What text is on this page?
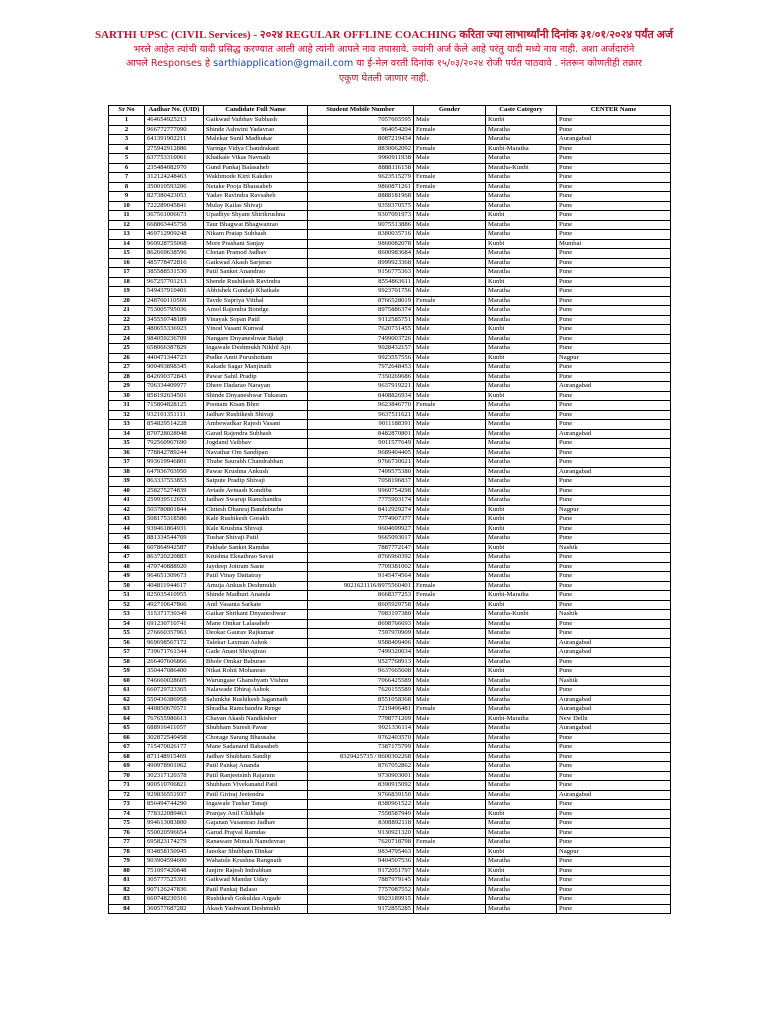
SARTHI UPSC (CIVIL Services) - २०२४ REGULAR OFFLINE COACHING करिता ज्या लाभार्थ्यांनी दिनांक ३१/०१/२०२४ पर्यंत अर्ज
भरले आहेत त्यांची यादी प्रसिद्ध करण्यात आली आहे त्यांनी आपले नाव तपासावे. ज्यांनी अर्ज केले आहे परंतु यादी मध्ये नाव नाही. अशा अर्जदारांने
आपले Responses हे sarthiapplication@gmail.com या ई-मेल वरती दिनांक १५/०३/२०२४ रोजी पर्यंत पाठवावे . नंतरून कोणतीही तक्रार
एकूण घेतली जाणार नाही.
Sr No	Aadhar No. (UID)	Candidate Full Name	Student Mobile Number	Gender	Caste Category	CENTER Name
1	464654925213	Gaikwad Vaibhav Subhash	7057665595	Male	Kunbi	Pune
2	966772777090	Shinde Ashwini Yadavrao	964054204	Female	Maratha	Pune
3	641391902211	Malekar Sunil Madhukar	8087219434	Male	Maratha	Aurangabad
4	275942912886	Varinge Vidya Chandrakant	8830062092	Female	Kunbi-Maratha	Pune
5	637753310061	Khatkale Vikas Navnath	9960911938	Male	Maratha	Pune
6	235484082970	Gund Pankaj Balasaheb	8888116158	Male	Maratha-Kunbi	Pune
7	312124248463	Wakhmode Kirti Kakdeo	9623515279	Female	Maratha	Pune
8	350010593206	Netake Pooja Bhausaheb	9860871261	Female	Maratha	Pune
9	827380423053	Yadav Ravindra Ravsaheb	8888181968	Male	Maratha	Pune
10	722289045841	Mulay Kailas Shivaji	9359370575	Male	Maratha	Pune
11	367561006673	Upadhye Shyam Shirikrushna	9307091973	Male	Kunbi	Pune
12	668863445758	Taur Bhagwat Bhagwanrao	9075513886	Male	Maratha	Pune
13	469712909248	Nikam Pratap Subhash	8380035716	Male	Maratha	Pune
14	969928755068	More Prashant Sanjay	9860082078	Male	Kunbi	Mumbai
15	862669638596	Chetan Pramod Jadhav	8600983684	Male	Maratha	Pune
16	485778472816	Gaikwad Akash Sarjerao	8999923368	Male	Maratha	Pune
17	385588531530	Patil Sanket Anandrao	9156775363	Male	Maratha	Pune
18	967257701213	Shende Rushikesh Ravindra	8554863611	Male	Kunbi	Pune
19	549437910401	Abhishek Gundaji Khatkale	9923701756	Male	Maratha	Pune
20	248760110569	Tavde Supriya Vitthal	8766528019	Female	Maratha	Pune
21	753005795036	Amol Rajendra Bondge	8975886374	Male	Maratha	Pune
22	345559748189	Vinayak Sopan Patil	9112585751	Male	Maratha	Pune
23	480655336923	Vinod Vasant Kunwal	7620731455	Male	Kunbi	Pune
24	984059236709	Nangare Dnyaneshwar Balaji	7499003726	Male	Maratha	Pune
25	658066387829	Ingawale Deshmukh Nikhil Ajit	9028432157	Male	Maratha	Pune
26	440471344723	Pudke Amit Purushottam	9923557556	Male	Kunbi	Nagpur
27	900493898345	Kakade Sagar Manjinath	7972648453	Male	Maratha	Pune
28	842690372843	Pawar Sahil Pradip	7350269686	Male	Maratha	Pune
29	706334409977	Dhere Dadarao Narayan	9637919221	Male	Maratha	Aurangabad
30	858192634501	Shinde Dnyaneshwar Tukaram	8408826934	Male	Kunbi	Pune
31	715804828125	Poonam Kisan Bhor	9623846770	Female	Maratha	Pune
32	932101351111	Jadhav Rushikesh Shivaji	9637511621	Male	Maratha	Pune
33	854829514228	Ambewadkar Rajesh Vasant	9011188391	Male	Maratha	Pune
34	870728028948	Garad Rajendra Subhash	8482870801	Male	Maratha	Aurangabad
35	792560967690	Jogdand Vaibhav	9011577649	Male	Maratha	Pune
36	778842789244	Navathar Om Sandipan	9689404405	Male	Maratha	Pune
37	993619946801	Thube Saurabh Chandrabhan	9766730621	Male	Maratha	Pune
38	647936703950	Pawar Krushna Ankush	7499575380	Male	Maratha	Aurangabad
39	863337553853	Satpute Pradip Shivaji	7058196837	Male	Maratha	Pune
40	258275274839	Avtade Avinash Kondiba	9960754298	Male	Maratha	Pune
41	259939512653	Jadhav Swarup Ramchandra	7775993174	Male	Maratha	Pune
42	503780801844	Chitesh Dhanraj Bandebuche	8412929274	Male	Kunbi	Nagpur
43	508175318586	Kale Rushikesh Gorakh	7774907377	Male	Kunbi	Pune
44	939461864931	Kale Krushna Shivaji	9604699927	Male	Kunbi	Pune
45	881334544769	Tushar Shivaji Patil	9665093017	Male	Maratha	Pune
46	607864942587	Pakhale Sanket Ramdas	7887772147	Male	Kunbi	Nashik
47	863720220883	Krushna Eknathrao Savat	8766960392	Male	Maratha	Pune
48	479740888920	Jaydeep Jotiram Saste	7709381002	Male	Maratha	Pune
49	964651309673	Patil Vinay Dattatray	9145474564	Male	Maratha	Pune
50	404811944617	Amuja Ankush Deshmukh	9021621116/8975560401	Female	Maratha	Pune
51	825035410955	Shinde Madhuri Ananda	8668377253	Female	Kunbi-Maratha	Pune
52	492710647866	Anil Vasanta Sarkate	8605929758	Male	Kunbi	Pune
53	315371730349	Gaikar Shrikant Dnyaneshwar	7083197380	Male	Maratha-Kunbi	Nashik
54	691230710741	Mane Omkar Lalasaheb	8698766693	Male	Maratha	Pune
55	276660357963	Deokar Gaurav Rajkumar	7597970909	Male	Maratha	Pune
56	969698567172	Talekar Laxman Ashok	9588409406	Male	Maratha	Aurangabad
57	739671761344	Gade Anant Shivajirao	7499320034	Male	Maratha	Aurangabad
58	266407606866	Bhole Omkar Baburao	9527768913	Male	Maratha	Pune
59	350447086400	Nikat Rohit Mohanrao	9637665608	Male	Kunbi	Pune
60	746660028605	Warungase Ghanshyam Vishnu	7066425589	Male	Maratha	Nashik
61	660729723365	Nalawade Dhiraj Ashok	7620155589	Male	Maratha	Pune
62	550436386958	Salunkhe Rushikesh Jagannath	8551058368	Male	Maratha	Aurangabad
63	440850670571	Shradha Ramchandra Renge	7219496481	Female	Maratha	Aurangabad
64	767655986613	Chavan Akash Nandkishor	7798771209	Male	Kunbi-Maratha	New Delhi
65	688916411057	Shubham Suresh Pavar	9921336114	Male	Maratha	Aurangabad
66	302872540458	Chorage Sarang Bhausaha	9762403570	Male	Maratha	Pune
67	715470026177	Mane Sadanand Babasaheb	7387175799	Male	Maratha	Pune
68	871148915469	Jadhav Shubham Sandip	8329425735 / 8600302268	Male	Maratha	Pune
69	490978901062	Patil Pankaj Ananda	8767052862	Male	Maratha	Pune
70	302317120378	Patil Ranjeetsinh Rajaram	9730903001	Male	Maratha	Pune
71	900510706821	Shubham Vivekanand Patil	8390915092	Male	Maratha	Pune
72	929836551937	Patil Giriraj Jeetendra	9766839150	Male	Maratha	Aurangabad
73	856494744290	Ingawale Tushar Tanaji	8380961522	Male	Maratha	Pune
74	778322089463	Pranjay Anil Chikhale	7558587949	Male	Kunbi	Pune
75	994613083800	Gajanan Vasantrao Jadhav	8308892118	Male	Maratha	Pune
76	550020596654	Garud Prajval Ramdas	9130921320	Male	Maratha	Pune
77	695823174279	Ranaware Monali Namdevrao	7620718798	Female	Maratha	Pune
78	934858150945	Janokar Shubham Dinkar	9834795463	Male	Kunbi	Nagpur
79	903904594600	Wahatule Krushna Rangnath	9404507536	Male	Maratha	Pune
80	751097420848	Janjire Rajesh Indrabhan	9172051797	Male	Kunbi	Pune
81	305777525391	Gaikwad Mandar Uday	7887979145	Male	Maratha	Pune
82	907126247836	Patil Pankaj Balaso	7757087552	Male	Maratha	Pune
83	660748230316	Rushikesh Gokuldas Argade	9923189915	Male	Maratha	Pune
84	360577687282	Akash Yashwant Deshmukh	9172855285	Male	Maratha	Pune
